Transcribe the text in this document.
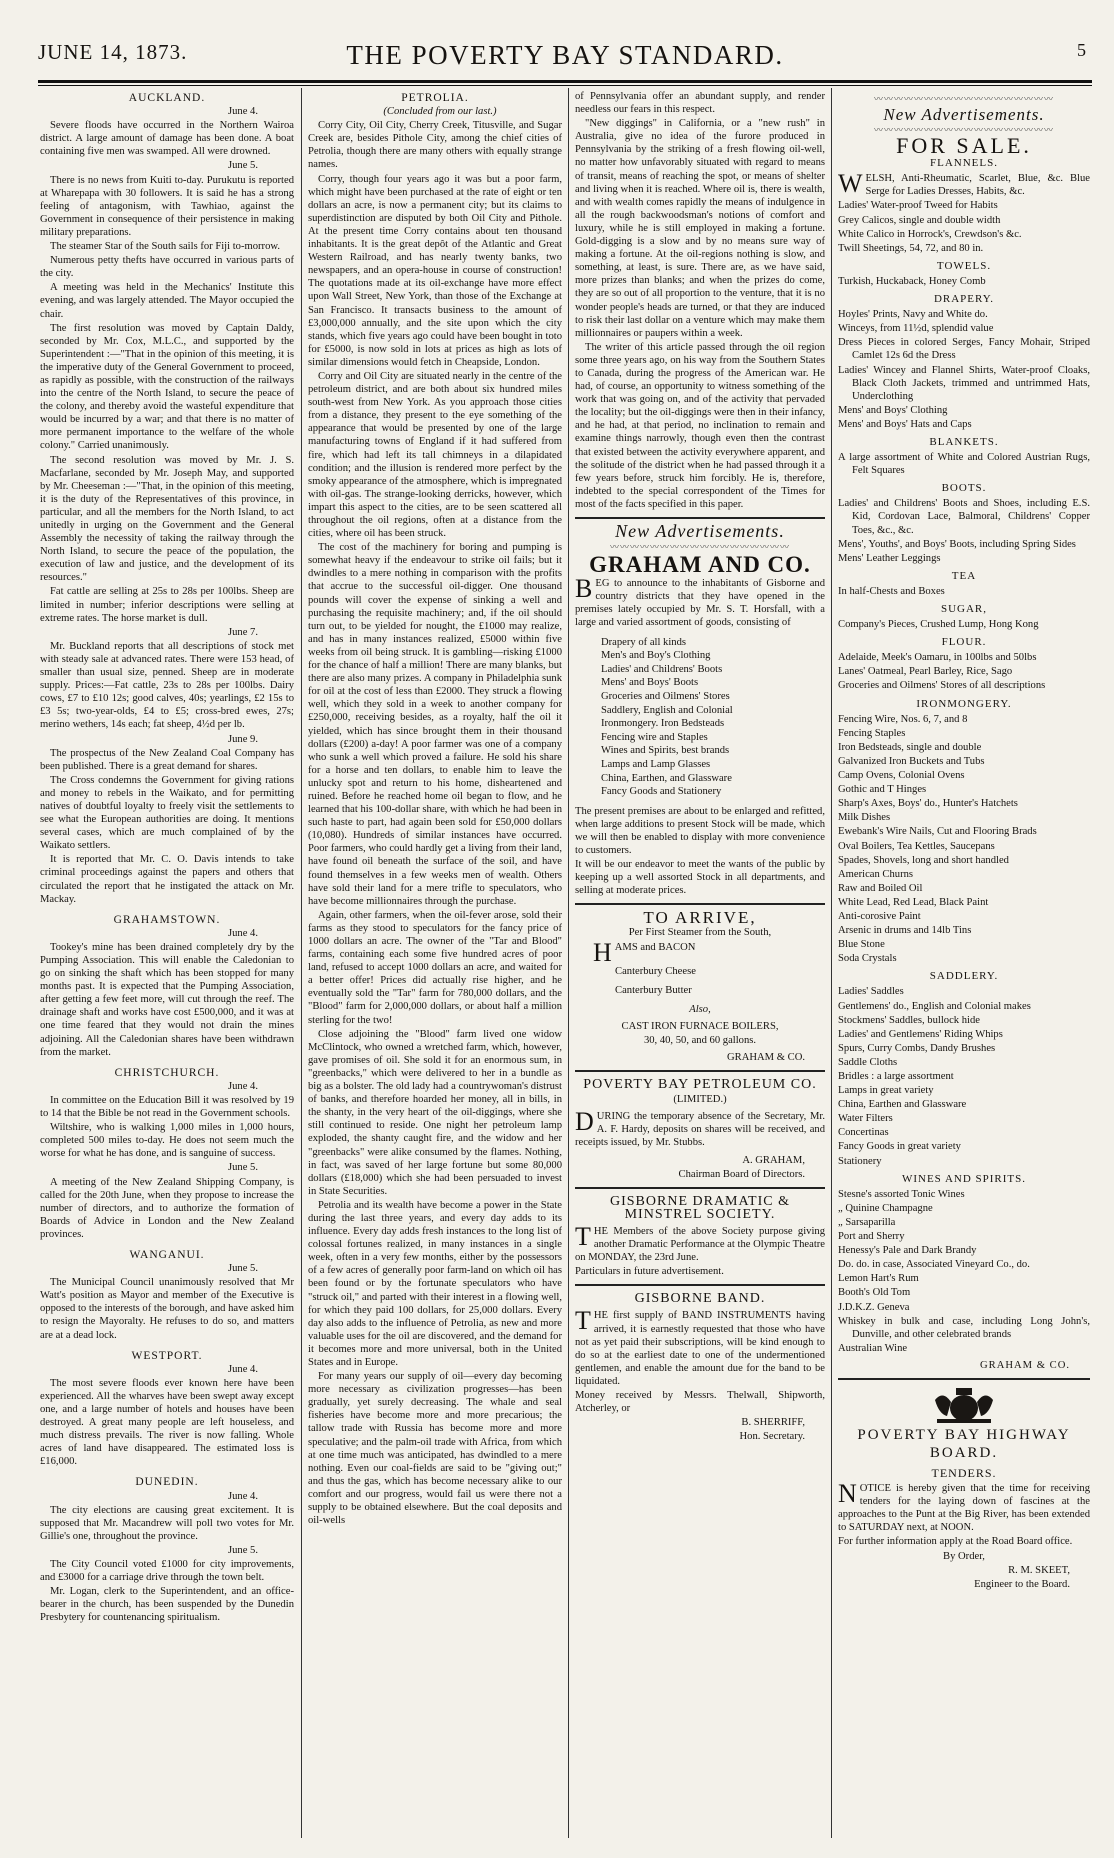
JUNE 14, 1873.	THE POVERTY BAY STANDARD.	5
AUCKLAND.

June 4.

Severe floods have occurred in the Northern Wairoa district. A large amount of damage has been done. A boat containing five men was swamped. All were drowned.

June 5.

There is no news from Kuiti to-day. Purukutu is reported at Wharepapa with 30 followers. It is said he has a strong feeling of antagonism, with Tawhiao, against the Government in consequence of their persistence in making military preparations.

The steamer Star of the South sails for Fiji to-morrow.

Numerous petty thefts have occurred in various parts of the city.

A meeting was held in the Mechanics' Institute this evening, and was largely attended. The Mayor occupied the chair.

The first resolution was moved by Captain Daldy, seconded by Mr. Cox, M.L.C., and supported by the Superintendent :—"That in the opinion of this meeting, it is the imperative duty of the General Government to proceed, as rapidly as possible, with the construction of the railways into the centre of the North Island, to secure the peace of the colony, and thereby avoid the wasteful expenditure that would be incurred by a war; and that there is no matter of more permanent importance to the welfare of the whole colony." Carried unanimously.

The second resolution was moved by Mr. J. S. Macfarlane, seconded by Mr. Joseph May, and supported by Mr. Cheeseman :—"That, in the opinion of this meeting, it is the duty of the Representatives of this province, in particular, and all the members for the North Island, to act unitedly in urging on the Government and the General Assembly the necessity of taking the railway through the North Island, to secure the peace of the population, the execution of law and justice, and the development of its resources."

Fat cattle are selling at 25s to 28s per 100lbs. Sheep are limited in number; inferior descriptions were selling at extreme rates. The horse market is dull.

June 7.

Mr. Buckland reports that all descriptions of stock met with steady sale at advanced rates. There were 153 head, of smaller than usual size, penned. Sheep are in moderate supply. Prices:—Fat cattle, 23s to 28s per 100lbs. Dairy cows, £7 to £10 12s; good calves, 40s; yearlings, £2 15s to £3 5s; two-year-olds, £4 to £5; cross-bred ewes, 27s; merino wethers, 14s each; fat sheep, 4½d per lb.

June 9.

The prospectus of the New Zealand Coal Company has been published. There is a great demand for shares.

The Cross condemns the Government for giving rations and money to rebels in the Waikato, and for permitting natives of doubtful loyalty to freely visit the settlements to see what the European authorities are doing. It mentions several cases, which are much complained of by the Waikato settlers.

It is reported that Mr. C. O. Davis intends to take criminal proceedings against the papers and others that circulated the report that he instigated the attack on Mr. Mackay.

GRAHAMSTOWN.

June 4.

Tookey's mine has been drained completely dry by the Pumping Association. This will enable the Caledonian to go on sinking the shaft which has been stopped for many months past. It is expected that the Pumping Association, after getting a few feet more, will cut through the reef. The drainage shaft and works have cost £500,000, and it was at one time feared that they would not drain the mines adjoining. All the Caledonian shares have been withdrawn from the market.

CHRISTCHURCH.

June 4.

In committee on the Education Bill it was resolved by 19 to 14 that the Bible be not read in the Government schools.

Wiltshire, who is walking 1,000 miles in 1,000 hours, completed 500 miles to-day. He does not seem much the worse for what he has done, and is sanguine of success.

June 5.

A meeting of the New Zealand Shipping Company, is called for the 20th June, when they propose to increase the number of directors, and to authorize the formation of Boards of Advice in London and the New Zealand provinces.

WANGANUI.

June 5.

The Municipal Council unanimously resolved that Mr Watt's position as Mayor and member of the Executive is opposed to the interests of the borough, and have asked him to resign the Mayoralty. He refuses to do so, and matters are at a dead lock.

WESTPORT.

June 4.

The most severe floods ever known here have been experienced. All the wharves have been swept away except one, and a large number of hotels and houses have been destroyed. A great many people are left houseless, and much distress prevails. The river is now falling. Whole acres of land have disappeared. The estimated loss is £16,000.

DUNEDIN.

June 4.

The city elections are causing great excitement. It is supposed that Mr. Macandrew will poll two votes for Mr. Gillie's one, throughout the province.

June 5.

The City Council voted £1000 for city improvements, and £3000 for a carriage drive through the town belt.

Mr. Logan, clerk to the Superintendent, and an office-bearer in the church, has been suspended by the Dunedin Presbytery for countenancing spiritualism.

PETROLIA.

(Concluded from our last.)

Corry City, Oil City, Cherry Creek, Titusville, and Sugar Creek are, besides Pithole City, among the chief cities of Petrolia, though there are many others with equally strange names.

Corry, though four years ago it was but a poor farm, which might have been purchased at the rate of eight or ten dollars an acre, is now a permanent city; but its claims to superdistinction are disputed by both Oil City and Pithole. At the present time Corry contains about ten thousand inhabitants. It is the great depôt of the Atlantic and Great Western Railroad, and has nearly twenty banks, two newspapers, and an opera-house in course of construction! The quotations made at its oil-exchange have more effect upon Wall Street, New York, than those of the Exchange at San Francisco. It transacts business to the amount of £3,000,000 annually, and the site upon which the city stands, which five years ago could have been bought in toto for £5000, is now sold in lots at prices as high as lots of similar dimensions would fetch in Cheapside, London.

Corry and Oil City are situated nearly in the centre of the petroleum district, and are both about six hundred miles south-west from New York. As you approach those cities from a distance, they present to the eye something of the appearance that would be presented by one of the large manufacturing towns of England if it had suffered from fire, which had left its tall chimneys in a dilapidated condition; and the illusion is rendered more perfect by the smoky appearance of the atmosphere, which is impregnated with oil-gas. The strange-looking derricks, however, which impart this aspect to the cities, are to be seen scattered all throughout the oil regions, often at a distance from the cities, where oil has been struck.

The cost of the machinery for boring and pumping is somewhat heavy if the endeavour to strike oil fails; but it dwindles to a mere nothing in comparison with the profits that accrue to the successful oil-digger. One thousand pounds will cover the expense of sinking a well and purchasing the requisite machinery; and, if the oil should turn out, to be yielded for nought, the £1000 may realize, and has in many instances realized, £5000 within five weeks from oil being struck. It is gambling—risking £1000 for the chance of half a million! There are many blanks, but there are also many prizes. A company in Philadelphia sunk for oil at the cost of less than £2000. They struck a flowing well, which they sold in a week to another company for £250,000, receiving besides, as a royalty, half the oil it yielded, which has since brought them in their thousand dollars (£200) a-day! A poor farmer was one of a company who sunk a well which proved a failure. He sold his share for a horse and ten dollars, to enable him to leave the unlucky spot and return to his home, disheartened and ruined. Before he reached home oil began to flow, and he learned that his 100-dollar share, with which he had been in such haste to part, had again been sold for £50,000 dollars (10,080). Hundreds of similar instances have occurred. Poor farmers, who could hardly get a living from their land, have found oil beneath the surface of the soil, and have found themselves in a few weeks men of wealth. Others have sold their land for a mere trifle to speculators, who have become millionnaires through the purchase.

Again, other farmers, when the oil-fever arose, sold their farms as they stood to speculators for the fancy price of 1000 dollars an acre. The owner of the "Tar and Blood" farms, containing each some five hundred acres of poor land, refused to accept 1000 dollars an acre, and waited for a better offer! Prices did actually rise higher, and he eventually sold the "Tar" farm for 780,000 dollars, and the "Blood" farm for 2,000,000 dollars, or about half a million sterling for the two!

Close adjoining the "Blood" farm lived one widow McClintock, who owned a wretched farm, which, however, gave promises of oil. She sold it for an enormous sum, in "greenbacks," which were delivered to her in a bundle as big as a bolster. The old lady had a countrywoman's distrust of banks, and therefore hoarded her money, all in bills, in the shanty, in the very heart of the oil-diggings, where she still continued to reside. One night her petroleum lamp exploded, the shanty caught fire, and the widow and her "greenbacks" were alike consumed by the flames. Nothing, in fact, was saved of her large fortune but some 80,000 dollars (£18,000) which she had been persuaded to invest in State Securities.

Petrolia and its wealth have become a power in the State during the last three years, and every day adds to its influence. Every day adds fresh instances to the long list of colossal fortunes realized, in many instances in a single week, often in a very few months, either by the possessors of a few acres of generally poor farm-land on which oil has been found or by the fortunate speculators who have "struck oil," and parted with their interest in a flowing well, for which they paid 100 dollars, for 25,000 dollars. Every day also adds to the influence of Petrolia, as new and more valuable uses for the oil are discovered, and the demand for it becomes more and more universal, both in the United States and in Europe.

For many years our supply of oil—every day becoming more necessary as civilization progresses—has been gradually, yet surely decreasing. The whale and seal fisheries have become more and more precarious; the tallow trade with Russia has become more and more speculative; and the palm-oil trade with Africa, from which at one time much was anticipated, has dwindled to a mere nothing. Even our coal-fields are said to be "giving out;" and thus the gas, which has become necessary alike to our comfort and our progress, would fail us were there not a supply to be obtained elsewhere. But the coal deposits and oil-wells

of Pennsylvania offer an abundant supply, and render needless our fears in this respect.

"New diggings" in California, or a "new rush" in Australia, give no idea of the furore produced in Pennsylvania by the striking of a fresh flowing oil-well, no matter how unfavorably situated with regard to means of transit, means of reaching the spot, or means of shelter and living when it is reached. Where oil is, there is wealth, and with wealth comes rapidly the means of indulgence in all the rough backwoodsman's notions of comfort and luxury, while he is still employed in making a fortune. Gold-digging is a slow and by no means sure way of making a fortune. At the oil-regions nothing is slow, and something, at least, is sure. There are, as we have said, more prizes than blanks; and when the prizes do come, they are so out of all proportion to the venture, that it is no wonder people's heads are turned, or that they are induced to risk their last dollar on a venture which may make them millionnaires or paupers within a week.

The writer of this article passed through the oil region some three years ago, on his way from the Southern States to Canada, during the progress of the American war. He had, of course, an opportunity to witness something of the work that was going on, and of the activity that pervaded the locality; but the oil-diggings were then in their infancy, and he had, at that period, no inclination to remain and examine things narrowly, though even then the contrast that existed between the activity everywhere apparent, and the solitude of the district when he had passed through it a few years before, struck him forcibly. He is, therefore, indebted to the special correspondent of the Times for most of the facts specified in this paper.

New Advertisements.
〰〰〰〰〰〰〰〰〰〰〰〰〰〰〰〰〰〰
GRAHAM AND CO.

BEG to announce to the inhabitants of Gisborne and country districts that they have opened in the premises lately occupied by Mr. S. T. Horsfall, with a large and varied assortment of goods, consisting of

Drapery of all kinds
Men's and Boy's Clothing
Ladies' and Childrens' Boots
Mens' and Boys' Boots
Groceries and Oilmens' Stores
Saddlery, English and Colonial
Ironmongery. Iron Bedsteads
Fencing wire and Staples
Wines and Spirits, best brands
Lamps and Lamp Glasses
China, Earthen, and Glassware
Fancy Goods and Stationery

The present premises are about to be enlarged and refitted, when large additions to present Stock will be made, which we will then be enabled to display with more convenience to customers.

It will be our endeavor to meet the wants of the public by keeping up a well assorted Stock in all departments, and selling at moderate prices.

TO ARRIVE,

Per First Steamer from the South,

HAMS and BACON

Canterbury Cheese

Canterbury Butter

Also,

CAST IRON FURNACE BOILERS,

30, 40, 50, and 60 gallons.

GRAHAM & CO.

POVERTY BAY PETROLEUM CO.

(LIMITED.)

DURING the temporary absence of the Secretary, Mr. A. F. Hardy, deposits on shares will be received, and receipts issued, by Mr. Stubbs.

A. GRAHAM,

Chairman Board of Directors.

GISBORNE DRAMATIC & MINSTREL SOCIETY.

THE Members of the above Society purpose giving another Dramatic Performance at the Olympic Theatre on MONDAY, the 23rd June.

Particulars in future advertisement.

GISBORNE BAND.

THE first supply of BAND INSTRUMENTS having arrived, it is earnestly requested that those who have not as yet paid their subscriptions, will be kind enough to do so at the earliest date to one of the undermentioned gentlemen, and enable the amount due for the band to be liquidated.

Money received by Messrs. Thelwall, Shipworth, Atcherley, or

B. SHERRIFF,

Hon. Secretary.

〰〰〰〰〰〰〰〰〰〰〰〰〰〰〰〰〰〰
New Advertisements.
〰〰〰〰〰〰〰〰〰〰〰〰〰〰〰〰〰〰
FOR SALE.
FLANNELS.

WELSH, Anti-Rheumatic, Scarlet, Blue, &c. Blue Serge for Ladies Dresses, Habits, &c.

Ladies' Water-proof Tweed for Habits

Grey Calicos, single and double width

White Calico in Horrock's, Crewdson's &c.

Twill Sheetings, 54, 72, and 80 in.

TOWELS.

Turkish, Huckaback, Honey Comb

DRAPERY.

Hoyles' Prints, Navy and White do.

Winceys, from 11½d, splendid value

Dress Pieces in colored Serges, Fancy Mohair, Striped Camlet 12s 6d the Dress

Ladies' Wincey and Flannel Shirts, Water-proof Cloaks, Black Cloth Jackets, trimmed and untrimmed Hats, Underclothing

Mens' and Boys' Clothing

Mens' and Boys' Hats and Caps

BLANKETS.

A large assortment of White and Colored Austrian Rugs, Felt Squares

BOOTS.

Ladies' and Childrens' Boots and Shoes, including E.S. Kid, Cordovan Lace, Balmoral, Childrens' Copper Toes, &c., &c.

Mens', Youths', and Boys' Boots, including Spring Sides

Mens' Leather Leggings

TEA

In half-Chests and Boxes

SUGAR,

Company's Pieces, Crushed Lump, Hong Kong

FLOUR.

Adelaide, Meek's Oamaru, in 100lbs and 50lbs

Lanes' Oatmeal, Pearl Barley, Rice, Sago

Groceries and Oilmens' Stores of all descriptions

IRONMONGERY.

Fencing Wire, Nos. 6, 7, and 8

Fencing Staples

Iron Bedsteads, single and double

Galvanized Iron Buckets and Tubs

Camp Ovens, Colonial Ovens

Gothic and T Hinges

Sharp's Axes, Boys' do., Hunter's Hatchets

Milk Dishes

Ewebank's Wire Nails, Cut and Flooring Brads

Oval Boilers, Tea Kettles, Saucepans

Spades, Shovels, long and short handled

American Churns

Raw and Boiled Oil

White Lead, Red Lead, Black Paint

Anti-corosive Paint

Arsenic in drums and 14lb Tins

Blue Stone

Soda Crystals

SADDLERY.

Ladies' Saddles

Gentlemens' do., English and Colonial makes

Stockmens' Saddles, bullock hide

Ladies' and Gentlemens' Riding Whips

Spurs, Curry Combs, Dandy Brushes

Saddle Cloths

Bridles : a large assortment

Lamps in great variety

China, Earthen and Glassware

Water Filters

Concertinas

Fancy Goods in great variety

Stationery

WINES AND SPIRITS.

Stesne's assorted Tonic Wines

„ Quinine Champagne

„ Sarsaparilla

Port and Sherry

Henessy's Pale and Dark Brandy

Do. do. in case, Associated Vineyard Co., do.

Lemon Hart's Rum

Booth's Old Tom

J.D.K.Z. Geneva

Whiskey in bulk and case, including Long John's, Dunville, and other celebrated brands

Australian Wine

GRAHAM & CO.

POVERTY BAY HIGHWAY BOARD.
TENDERS.

NOTICE is hereby given that the time for receiving tenders for the laying down of fascines at the approaches to the Punt at the Big River, has been extended to SATURDAY next, at NOON.

For further information apply at the Road Board office.

By Order,

R. M. SKEET,

Engineer to the Board.
